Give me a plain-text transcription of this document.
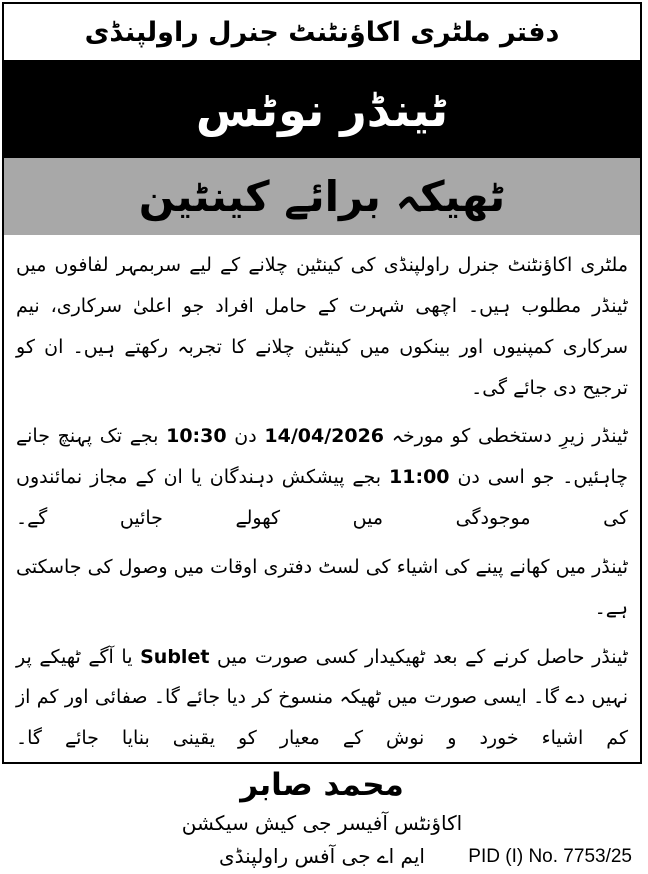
دفتر ملٹری اکاؤنٹنٹ جنرل راولپنڈی
ٹینڈر نوٹس
ٹھیکہ برائے کینٹین

ملٹری اکاؤنٹنٹ جنرل راولپنڈی کی کینٹین چلانے کے لیے سربمہر لفافوں میں ٹینڈر مطلوب ہیں۔ اچھی شہرت کے حامل افراد جو اعلیٰ سرکاری، نیم سرکاری کمپنیوں اور بینکوں میں کینٹین چلانے کا تجربہ رکھتے ہیں۔ ان کو ترجیح دی جائے گی۔

ٹینڈر زیرِ دستخطی کو مورخہ 14/04/2026 دن 10:30 بجے تک پہنچ جانے چاہئیں۔ جو اسی دن 11:00 بجے پیشکش دہندگان یا ان کے مجاز نمائندوں کی موجودگی میں کھولے جائیں گے۔

ٹینڈر میں کھانے پینے کی اشیاء کی لسٹ دفتری اوقات میں وصول کی جاسکتی ہے۔

ٹینڈر حاصل کرنے کے بعد ٹھیکیدار کسی صورت میں Sublet یا آگے ٹھیکے پر نہیں دے گا۔ ایسی صورت میں ٹھیکہ منسوخ کر دیا جائے گا۔ صفائی اور کم از کم اشیاء خورد و نوش کے معیار کو یقینی بنایا جائے گا۔

محمد صابر
اکاؤنٹس آفیسر جی کیش سیکشن
ایم اے جی آفس راولپنڈی	PID (I) No. 7753/25
